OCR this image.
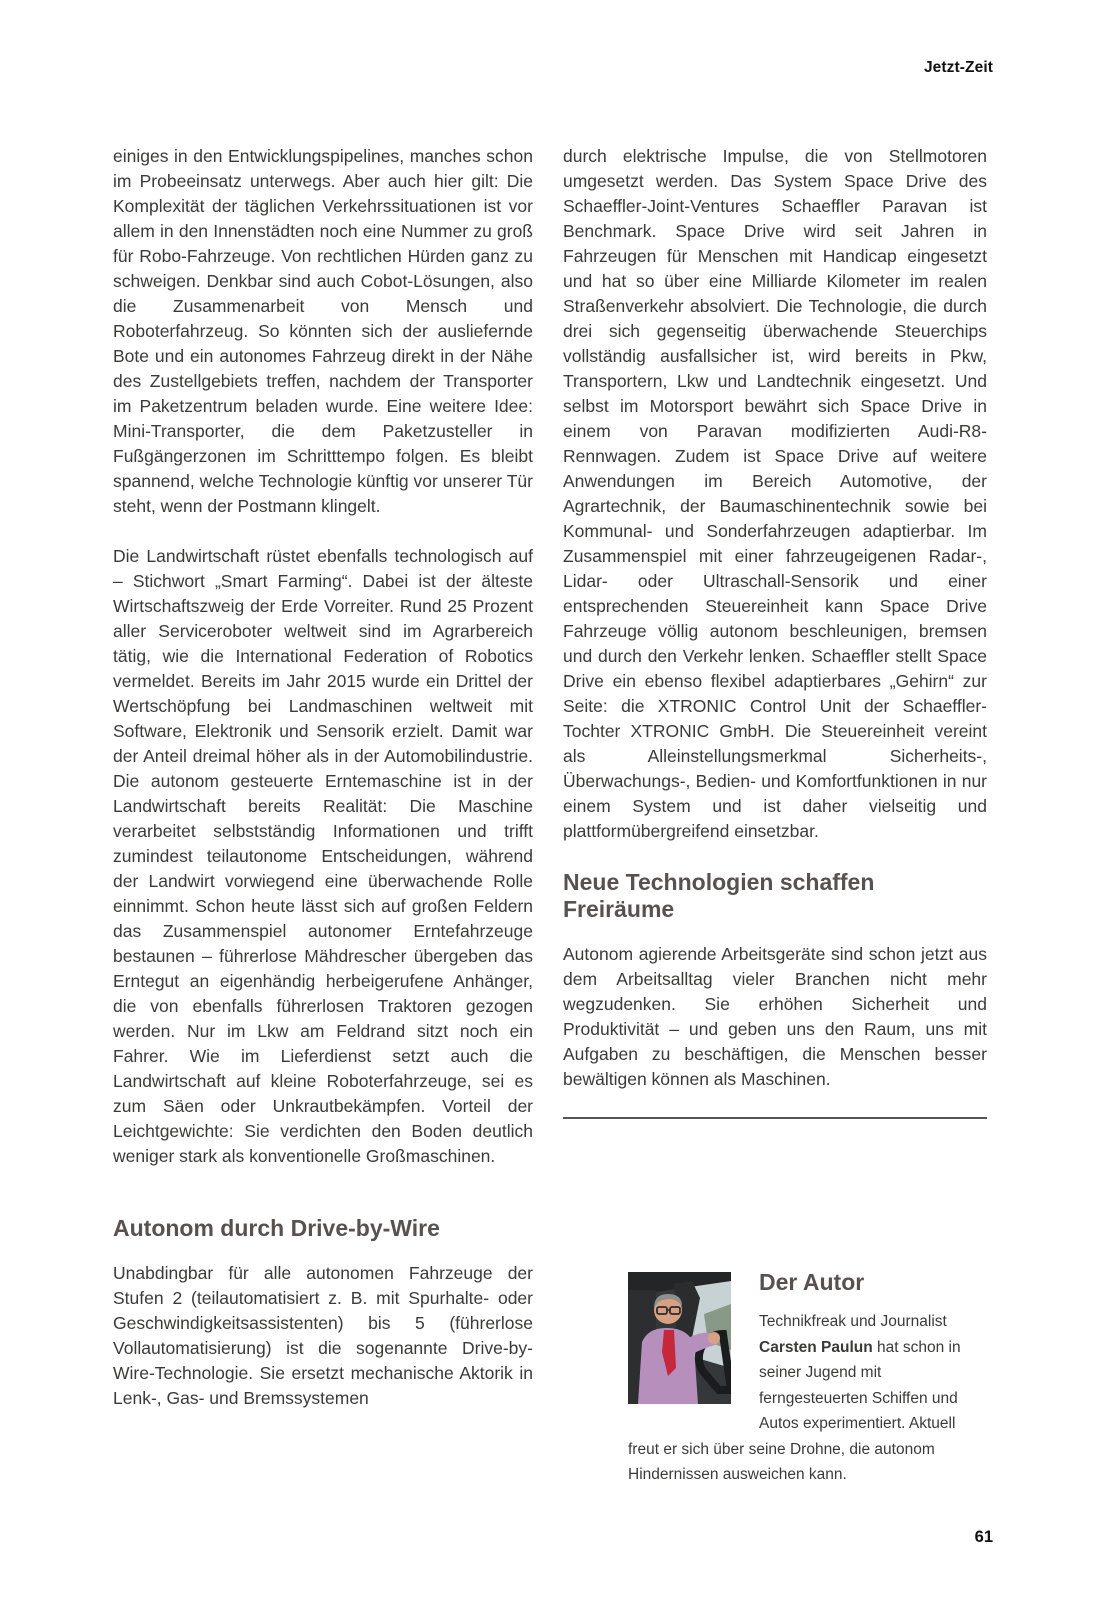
Jetzt-Zeit

einiges in den Entwicklungspipelines, manches schon im Probeeinsatz unterwegs. Aber auch hier gilt: Die Komplexität der täglichen Verkehrssituationen ist vor allem in den Innenstädten noch eine Nummer zu groß für Robo-Fahrzeuge. Von rechtlichen Hürden ganz zu schweigen. Denkbar sind auch Cobot-Lösungen, also die Zusammenarbeit von Mensch und Roboterfahrzeug. So könnten sich der ausliefernde Bote und ein autonomes Fahrzeug direkt in der Nähe des Zustellgebiets treffen, nachdem der Transporter im Paketzentrum beladen wurde. Eine weitere Idee: Mini-Transporter, die dem Paketzusteller in Fußgängerzonen im Schritttempo folgen. Es bleibt spannend, welche Technologie künftig vor unserer Tür steht, wenn der Postmann klingelt.

Die Landwirtschaft rüstet ebenfalls technologisch auf – Stichwort „Smart Farming“. Dabei ist der älteste Wirtschaftszweig der Erde Vorreiter. Rund 25 Prozent aller Serviceroboter weltweit sind im Agrarbereich tätig, wie die International Federation of Robotics vermeldet. Bereits im Jahr 2015 wurde ein Drittel der Wertschöpfung bei Landmaschinen weltweit mit Software, Elektronik und Sensorik erzielt. Damit war der Anteil dreimal höher als in der Automobilindustrie. Die autonom gesteuerte Erntemaschine ist in der Landwirtschaft bereits Realität: Die Maschine verarbeitet selbstständig Informationen und trifft zumindest teilautonome Entscheidungen, während der Landwirt vorwiegend eine überwachende Rolle einnimmt. Schon heute lässt sich auf großen Feldern das Zusammenspiel autonomer Erntefahrzeuge bestaunen – führerlose Mähdrescher übergeben das Erntegut an eigenhändig herbeigerufene Anhänger, die von ebenfalls führerlosen Traktoren gezogen werden. Nur im Lkw am Feldrand sitzt noch ein Fahrer. Wie im Lieferdienst setzt auch die Landwirtschaft auf kleine Roboterfahrzeuge, sei es zum Säen oder Unkrautbekämpfen. Vorteil der Leichtgewichte: Sie verdichten den Boden deutlich weniger stark als konventionelle Großmaschinen.

Autonom durch Drive-by-Wire

Unabdingbar für alle autonomen Fahrzeuge der Stufen 2 (teilautomatisiert z. B. mit Spurhalte- oder Geschwindigkeitsassistenten) bis 5 (führerlose Vollautomatisierung) ist die sogenannte Drive-by-Wire-Technologie. Sie ersetzt mechanische Aktorik in Lenk-, Gas- und Bremssystemen

durch elektrische Impulse, die von Stellmotoren umgesetzt werden. Das System Space Drive des Schaeffler-Joint-Ventures Schaeffler Paravan ist Benchmark. Space Drive wird seit Jahren in Fahrzeugen für Menschen mit Handicap eingesetzt und hat so über eine Milliarde Kilometer im realen Straßenverkehr absolviert. Die Technologie, die durch drei sich gegenseitig überwachende Steuerchips vollständig ausfallsicher ist, wird bereits in Pkw, Transportern, Lkw und Landtechnik eingesetzt. Und selbst im Motorsport bewährt sich Space Drive in einem von Paravan modifizierten Audi-R8-Rennwagen. Zudem ist Space Drive auf weitere Anwendungen im Bereich Automotive, der Agrartechnik, der Baumaschinentechnik sowie bei Kommunal- und Sonderfahrzeugen adaptierbar. Im Zusammenspiel mit einer fahrzeugeigenen Radar-, Lidar- oder Ultraschall-Sensorik und einer entsprechenden Steuereinheit kann Space Drive Fahrzeuge völlig autonom beschleunigen, bremsen und durch den Verkehr lenken. Schaeffler stellt Space Drive ein ebenso flexibel adaptierbares „Gehirn“ zur Seite: die XTRONIC Control Unit der Schaeffler-Tochter XTRONIC GmbH. Die Steuereinheit vereint als Alleinstellungsmerkmal Sicherheits-, Überwachungs-, Bedien- und Komfortfunktionen in nur einem System und ist daher vielseitig und plattformübergreifend einsetzbar.

Neue Technologien schaffen Freiräume

Autonom agierende Arbeitsgeräte sind schon jetzt aus dem Arbeitsalltag vieler Branchen nicht mehr wegzudenken. Sie erhöhen Sicherheit und Produktivität – und geben uns den Raum, uns mit Aufgaben zu beschäftigen, die Menschen besser bewältigen können als Maschinen.

Der Autor

Technikfreak und Journalist Carsten Paulun hat schon in seiner Jugend mit ferngesteuerten Schiffen und Autos experimentiert. Aktuell freut er sich über seine Drohne, die autonom Hindernissen ausweichen kann.

61
